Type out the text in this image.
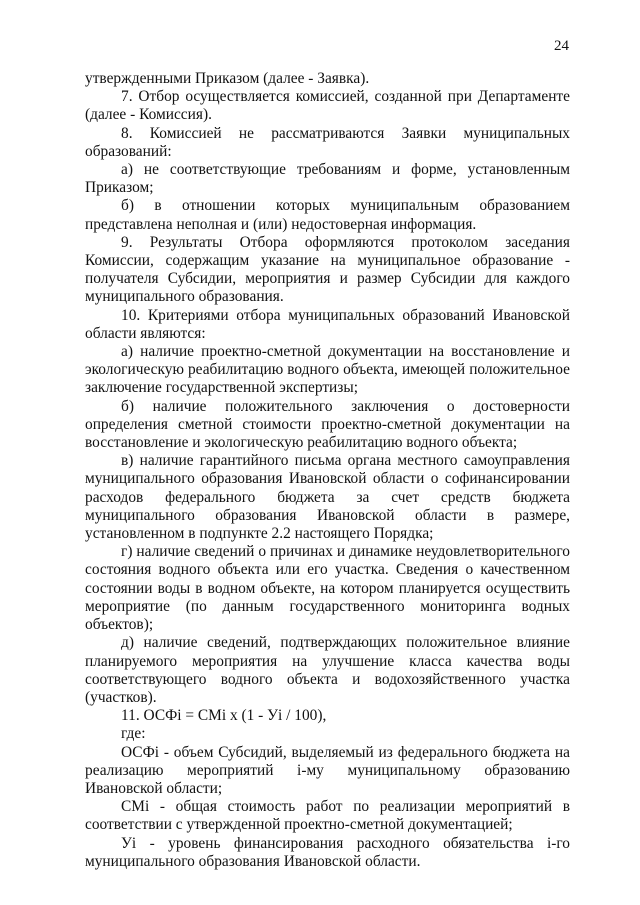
24

утвержденными Приказом (далее - Заявка).

7. Отбор осуществляется комиссией, созданной при Департаменте (далее - Комиссия).

8. Комиссией не рассматриваются Заявки муниципальных образований:

а) не соответствующие требованиям и форме, установленным Приказом;

б) в отношении которых муниципальным образованием представлена неполная и (или) недостоверная информация.

9. Результаты Отбора оформляются протоколом заседания Комиссии, содержащим указание на муниципальное образование - получателя Субсидии, мероприятия и размер Субсидии для каждого муниципального образования.

10. Критериями отбора муниципальных образований Ивановской области являются:

а) наличие проектно-сметной документации на восстановление и экологическую реабилитацию водного объекта, имеющей положительное заключение государственной экспертизы;

б) наличие положительного заключения о достоверности определения сметной стоимости проектно-сметной документации на восстановление и экологическую реабилитацию водного объекта;

в) наличие гарантийного письма органа местного самоуправления муниципального образования Ивановской области о софинансировании расходов федерального бюджета за счет средств бюджета муниципального образования Ивановской области в размере, установленном в подпункте 2.2 настоящего Порядка;

г) наличие сведений о причинах и динамике неудовлетворительного состояния водного объекта или его участка. Сведения о качественном состоянии воды в водном объекте, на котором планируется осуществить мероприятие (по данным государственного мониторинга водных объектов);

д) наличие сведений, подтверждающих положительное влияние планируемого мероприятия на улучшение класса качества воды соответствующего водного объекта и водохозяйственного участка (участков).

11. ОСФi = СМi x (1 - Уi / 100),

где:

ОСФi - объем Субсидий, выделяемый из федерального бюджета на реализацию мероприятий i-му муниципальному образованию Ивановской области;

СМi - общая стоимость работ по реализации мероприятий в соответствии с утвержденной проектно-сметной документацией;

Уi - уровень финансирования расходного обязательства i-го муниципального образования Ивановской области.
